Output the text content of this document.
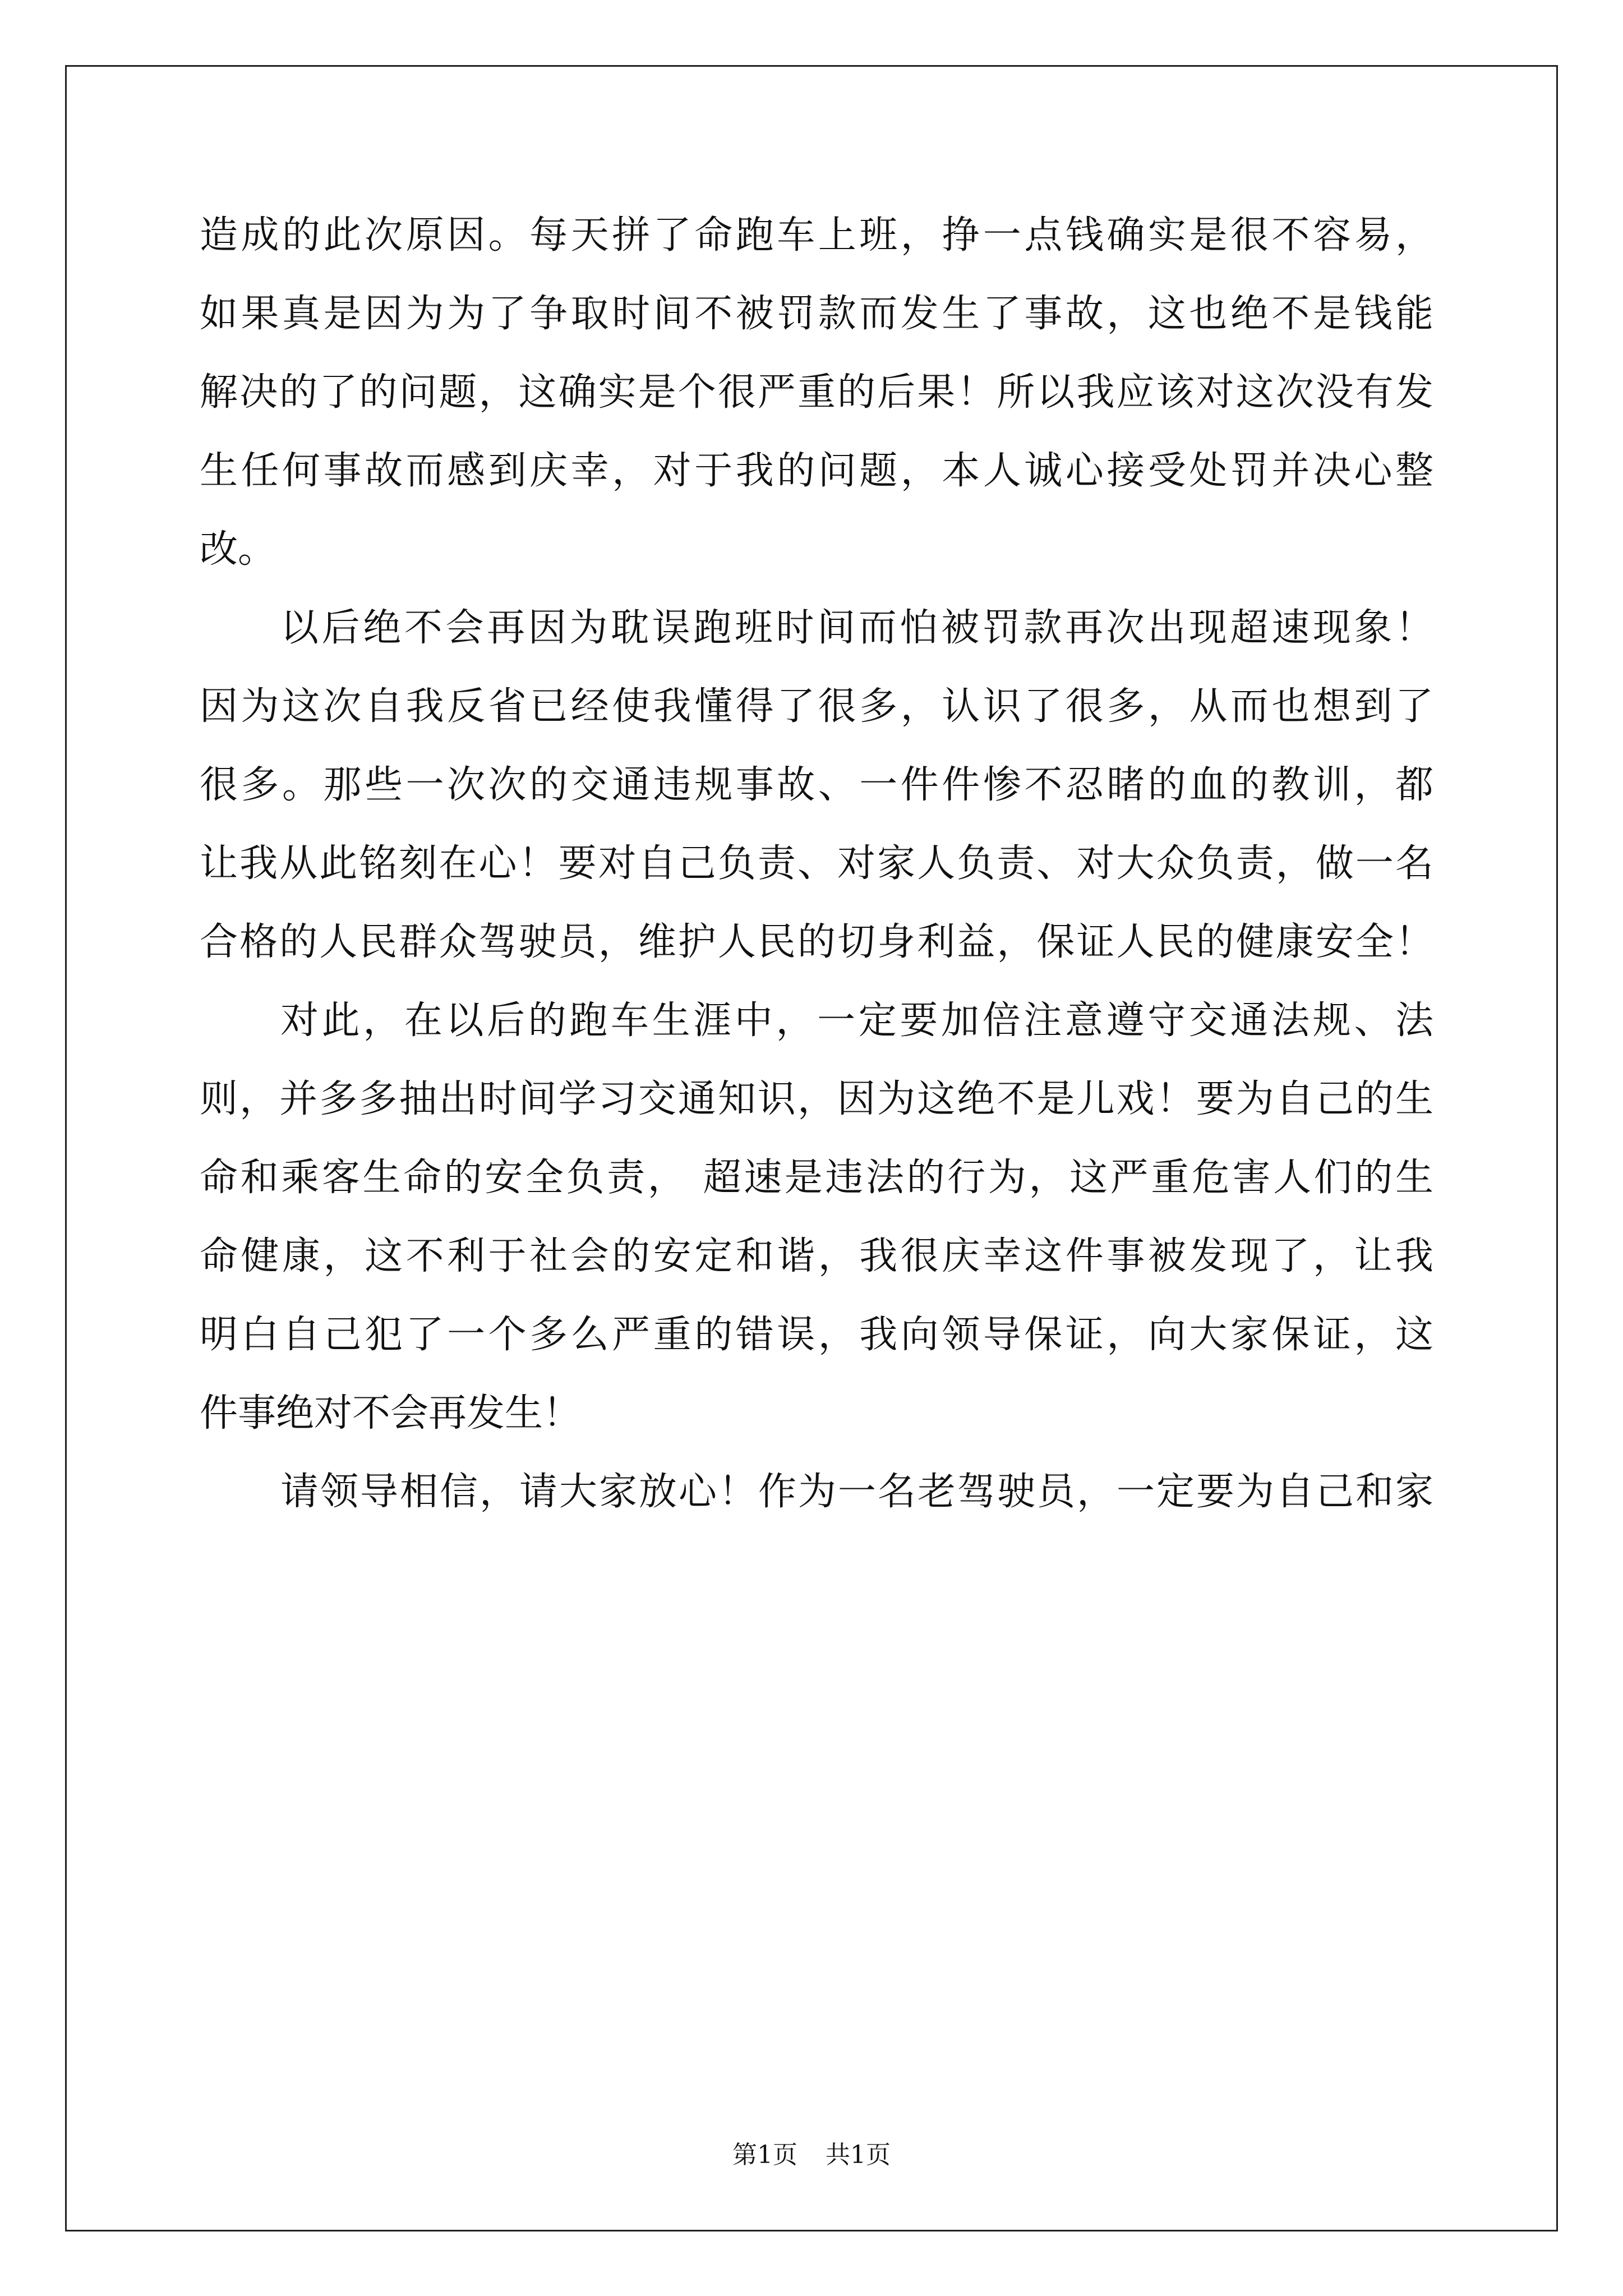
造成的此次原因。每天拼了命跑车上班，挣一点钱确实是很不容易，
如果真是因为为了争取时间不被罚款而发生了事故，这也绝不是钱能
解决的了的问题，这确实是个很严重的后果！所以我应该对这次没有发
生任何事故而感到庆幸，对于我的问题，本人诚心接受处罚并决心整
改。
以后绝不会再因为耽误跑班时间而怕被罚款再次出现超速现象！
因为这次自我反省已经使我懂得了很多，认识了很多，从而也想到了
很多。那些一次次的交通违规事故、一件件惨不忍睹的血的教训，都
让我从此铭刻在心！要对自己负责、对家人负责、对大众负责，做一名
合格的人民群众驾驶员，维护人民的切身利益，保证人民的健康安全！
对此，在以后的跑车生涯中，一定要加倍注意遵守交通法规、法
则，并多多抽出时间学习交通知识，因为这绝不是儿戏！要为自己的生
命和乘客生命的安全负责， 超速是违法的行为，这严重危害人们的生
命健康，这不利于社会的安定和谐，我很庆幸这件事被发现了，让我
明白自己犯了一个多么严重的错误，我向领导保证，向大家保证，这
件事绝对不会再发生！
请领导相信，请大家放心！作为一名老驾驶员，一定要为自己和家
第1页 共1页
